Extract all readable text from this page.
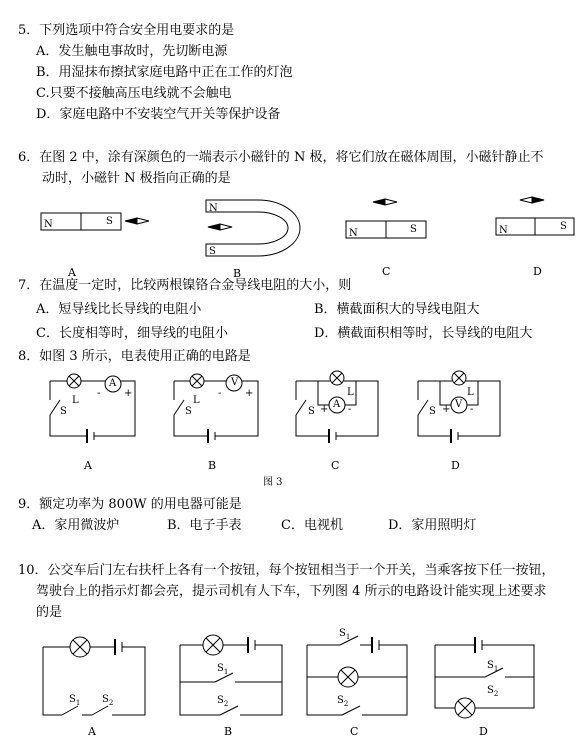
5．下列选项中符合安全用电要求的是
A．发生触电事故时，先切断电源
B．用湿抹布擦拭家庭电路中正在工作的灯泡
C.只要不接触高压电线就不会触电
D．家庭电路中不安装空气开关等保护设备
6．在图 2 中，涂有深颜色的一端表示小磁针的 N 极，将它们放在磁体周围，小磁针静止不
动时，小磁针 N 极指向正确的是
N	S
N
S
N	S	N	S
A	B	C	D
7．在温度一定时，比较两根镍铬合金导线电阻的大小，则
A．短导线比长导线的电阻小	B．横截面积大的导线电阻大
C．长度相等时，细导线的电阻小	D．横截面积相等时，长导线的电阻大
8．如图 3 所示，电表使用正确的电路是
A
L
S
- +
V
L
S
- +	L
A
S + -
L
V
S + -
A	B	C	D
图 3
9．额定功率为 800W 的用电器可能是
A．家用微波炉	B．电子手表	C．电视机	D．家用照明灯
10．公交车后门左右扶杆上各有一个按钮，每个按钮相当于一个开关，当乘客按下任一按钮，
驾驶台上的指示灯都会亮，提示司机有人下车，下列图 4 所示的电路设计能实现上述要求
的是
$S_1$ $S_2$
$S_1$
$S_2$
$S_1$
$S_2$
$S_1$
$S_2$
A	B	C	D
